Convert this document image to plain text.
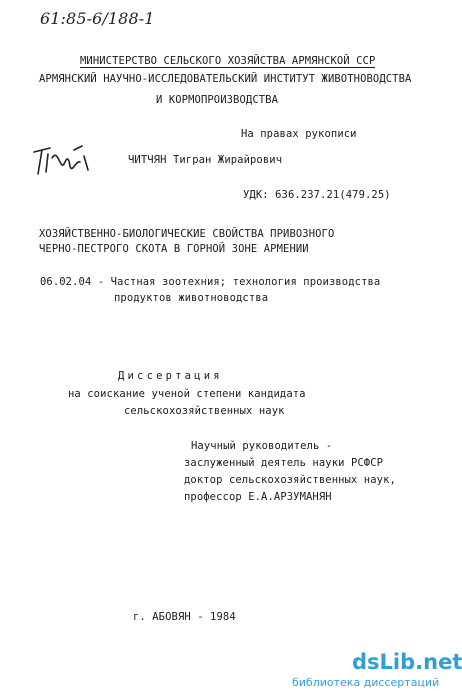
61:85-6/188-1
МИНИСТЕРСТВО СЕЛЬСКОГО ХОЗЯЙСТВА АРМЯНСКОЙ ССР
АРМЯНСКИЙ НАУЧНО-ИССЛЕДОВАТЕЛЬСКИЙ ИНСТИТУТ ЖИВОТНОВОДСТВА
И КОРМОПРОИЗВОДСТВА
На правах рукописи
ЧИТЧЯН Тигран Жирайрович
УДК: 636.237.21(479.25)
ХОЗЯЙСТВЕННО-БИОЛОГИЧЕСКИЕ СВОЙСТВА ПРИВОЗНОГО
ЧЕРНО-ПЕСТРОГО СКОТА В ГОРНОЙ ЗОНЕ АРМЕНИИ
06.02.04 - Частная зоотехния; технология производства
продуктов животноводства
Диссертация
на соискание ученой степени кандидата
сельскохозяйственных наук
Научный руководитель -
заслуженный деятель науки РСФСР
доктор сельскохозяйственных наук,
профессор Е.А.АРЗУМАНЯН
г. АБОВЯН - 1984
dsLib.net
библиотека диссертаций
